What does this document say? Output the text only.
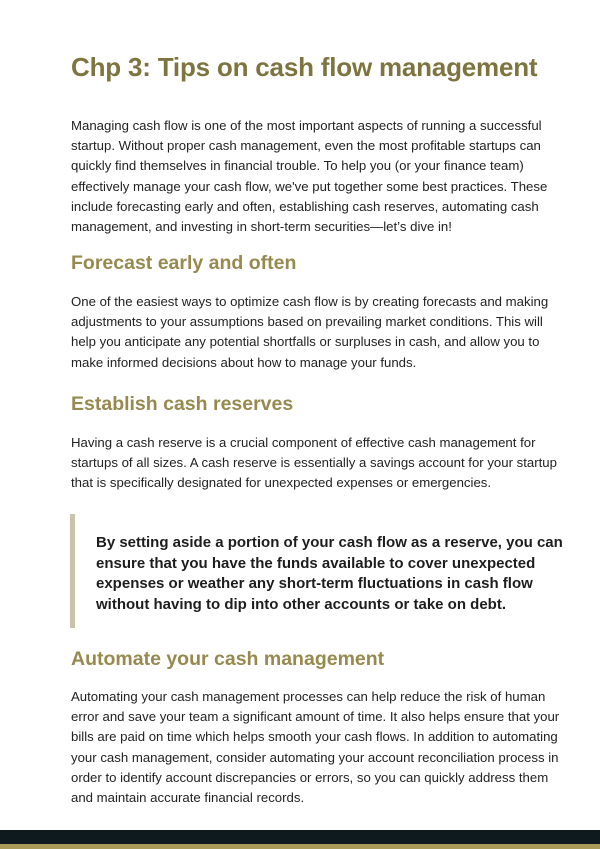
Chp 3: Tips on cash flow management

Managing cash flow is one of the most important aspects of running a successful
startup. Without proper cash management, even the most profitable startups can
quickly find themselves in financial trouble. To help you (or your finance team)
effectively manage your cash flow, we've put together some best practices. These
include forecasting early and often, establishing cash reserves, automating cash
management, and investing in short-term securities—let’s dive in!

Forecast early and often

One of the easiest ways to optimize cash flow is by creating forecasts and making
adjustments to your assumptions based on prevailing market conditions. This will
help you anticipate any potential shortfalls or surpluses in cash, and allow you to
make informed decisions about how to manage your funds.

Establish cash reserves

Having a cash reserve is a crucial component of effective cash management for
startups of all sizes. A cash reserve is essentially a savings account for your startup
that is specifically designated for unexpected expenses or emergencies.

By setting aside a portion of your cash flow as a reserve, you can
ensure that you have the funds available to cover unexpected
expenses or weather any short-term fluctuations in cash flow
without having to dip into other accounts or take on debt.

Automate your cash management

Automating your cash management processes can help reduce the risk of human
error and save your team a significant amount of time. It also helps ensure that your
bills are paid on time which helps smooth your cash flows. In addition to automating
your cash management, consider automating your account reconciliation process in
order to identify account discrepancies or errors, so you can quickly address them
and maintain accurate financial records.
